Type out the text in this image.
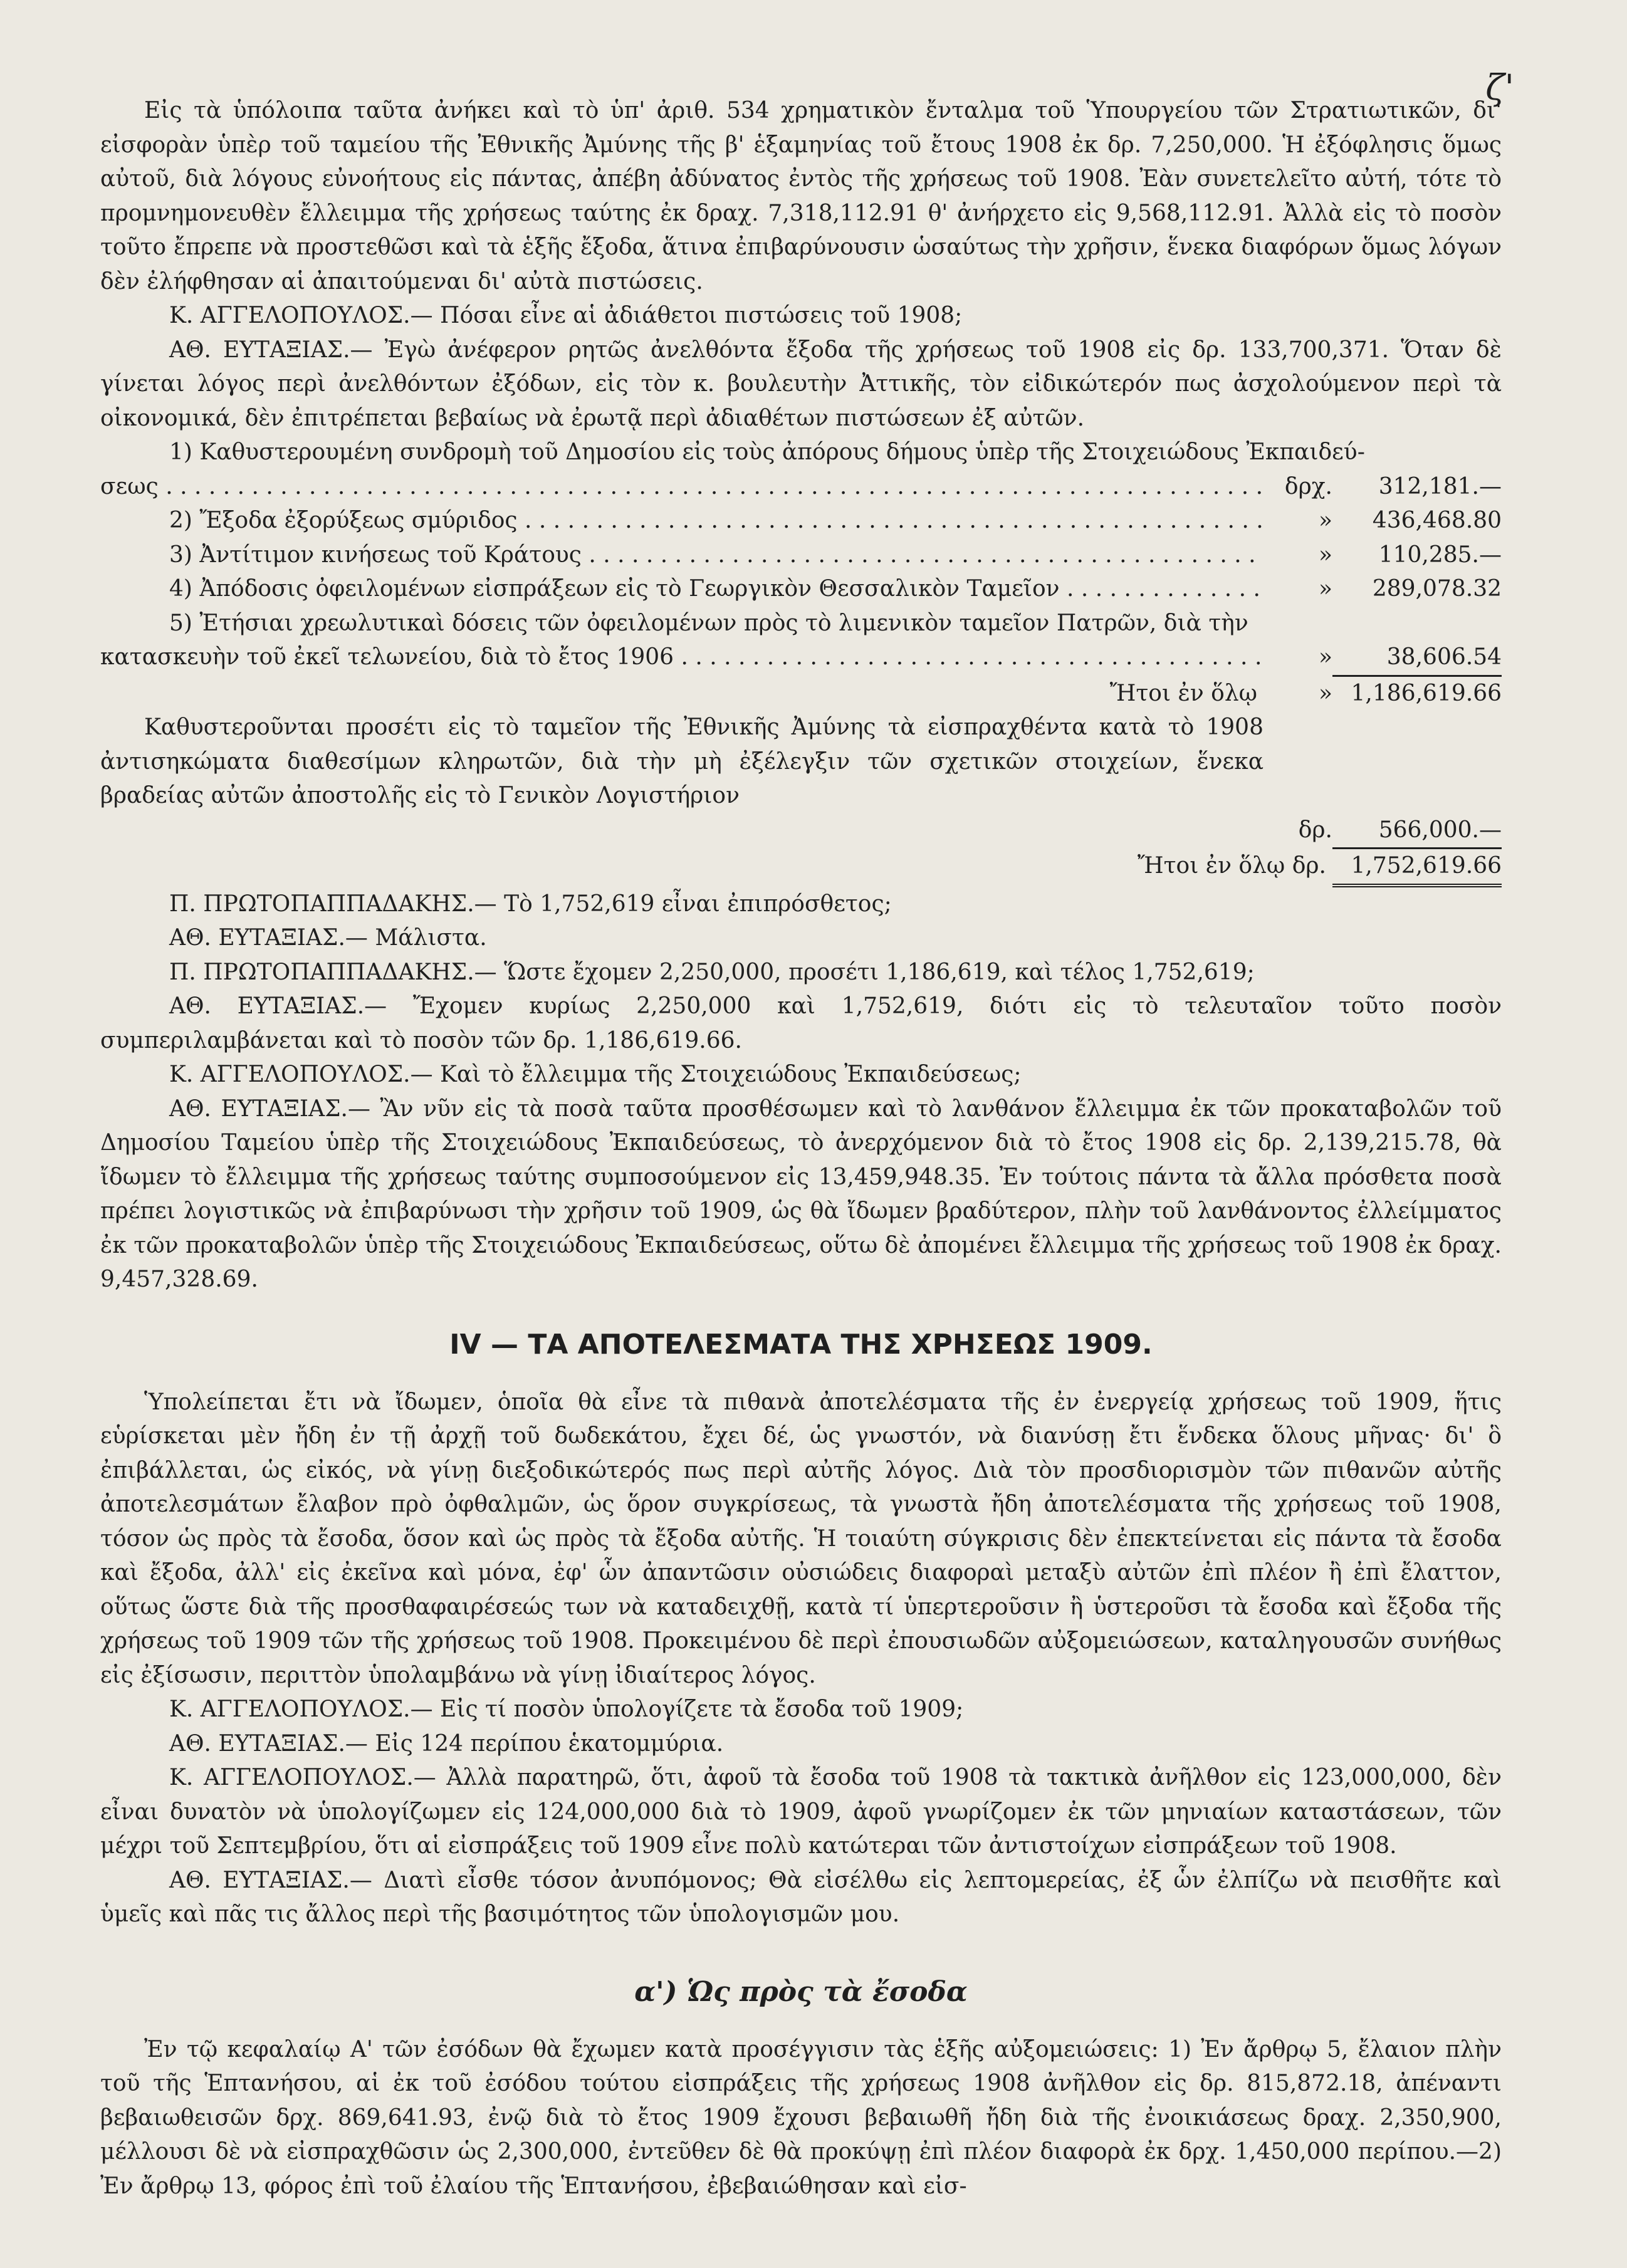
ζ'

Εἰς τὰ ὑπόλοιπα ταῦτα ἀνήκει καὶ τὸ ὑπ' ἀριθ. 534 χρηματικὸν ἔνταλμα τοῦ Ὑπουργείου τῶν Στρατιωτικῶν, δι' εἰσφορὰν ὑπὲρ τοῦ ταμείου τῆς Ἐθνικῆς Ἀμύνης τῆς β' ἑξαμηνίας τοῦ ἔτους 1908 ἐκ δρ. 7,250,000. Ἡ ἐξόφλησις ὅμως αὐτοῦ, διὰ λόγους εὐνοήτους εἰς πάντας, ἀπέβη ἀδύνατος ἐντὸς τῆς χρήσεως τοῦ 1908. Ἐὰν συνετελεῖτο αὐτή, τότε τὸ προμνημονευθὲν ἔλλειμμα τῆς χρήσεως ταύτης ἐκ δραχ. 7,318,112.91 θ' ἀνήρχετο εἰς 9,568,112.91. Ἀλλὰ εἰς τὸ ποσὸν τοῦτο ἔπρεπε νὰ προστεθῶσι καὶ τὰ ἑξῆς ἔξοδα, ἅτινα ἐπιβαρύνουσιν ὡσαύτως τὴν χρῆσιν, ἕνεκα διαφόρων ὅμως λόγων δὲν ἐλήφθησαν αἱ ἀπαιτούμεναι δι' αὐτὰ πιστώσεις.

Κ. ΑΓΓΕΛΟΠΟΥΛΟΣ.— Πόσαι εἶνε αἱ ἀδιάθετοι πιστώσεις τοῦ 1908;

ΑΘ. ΕΥΤΑΞΙΑΣ.— Ἐγὼ ἀνέφερον ρητῶς ἀνελθόντα ἔξοδα τῆς χρήσεως τοῦ 1908 εἰς δρ. 133,700,371. Ὅταν δὲ γίνεται λόγος περὶ ἀνελθόντων ἐξόδων, εἰς τὸν κ. βουλευτὴν Ἀττικῆς, τὸν εἰδικώτερόν πως ἀσχολούμενον περὶ τὰ οἰκονομικά, δὲν ἐπιτρέπεται βεβαίως νὰ ἐρωτᾷ περὶ ἀδιαθέτων πιστώσεων ἐξ αὐτῶν.

1) Καθυστερουμένη συνδρομὴ τοῦ Δημοσίου εἰς τοὺς ἀπόρους δήμους ὑπὲρ τῆς Στοιχειώδους Ἐκπαιδεύ-

σεως . . .	δρχ.	312,181.—
2) Ἔξοδα ἐξορύξεως σμύριδος . . .	»	436,468.80
3) Ἀντίτιμον κινήσεως τοῦ Κράτους . . .	»	110,285.—
4) Ἀπόδοσις ὀφειλομένων εἰσπράξεων εἰς τὸ Γεωργικὸν Θεσσαλικὸν Ταμεῖον . . .	»	289,078.32

5) Ἐτήσιαι χρεωλυτικαὶ δόσεις τῶν ὀφειλομένων πρὸς τὸ λιμενικὸν ταμεῖον Πατρῶν, διὰ τὴν

κατασκευὴν τοῦ ἐκεῖ τελωνείου, διὰ τὸ ἔτος 1906 . . .	»	38,606.54
Ἤτοι ἐν ὅλῳ	» 1,186,619.66

Καθυστεροῦνται προσέτι εἰς τὸ ταμεῖον τῆς Ἐθνικῆς Ἀμύνης τὰ εἰσπραχθέντα κατὰ τὸ 1908 ἀντισηκώματα διαθεσίμων κληρωτῶν, διὰ τὴν μὴ ἐξέλεγξιν τῶν σχετικῶν στοιχείων, ἕνεκα βραδείας αὐτῶν ἀποστολῆς εἰς τὸ Γενικὸν Λογιστήριον

δρ.	566,000.—
Ἤτοι ἐν ὅλῳ δρ.	1,752,619.66

Π. ΠΡΩΤΟΠΑΠΠΑΔΑΚΗΣ.— Τὸ 1,752,619 εἶναι ἐπιπρόσθετος;

ΑΘ. ΕΥΤΑΞΙΑΣ.— Μάλιστα.

Π. ΠΡΩΤΟΠΑΠΠΑΔΑΚΗΣ.— Ὥστε ἔχομεν 2,250,000, προσέτι 1,186,619, καὶ τέλος 1,752,619;

ΑΘ. ΕΥΤΑΞΙΑΣ.— Ἔχομεν κυρίως 2,250,000 καὶ 1,752,619, διότι εἰς τὸ τελευταῖον τοῦτο ποσὸν συμπεριλαμβάνεται καὶ τὸ ποσὸν τῶν δρ. 1,186,619.66.

Κ. ΑΓΓΕΛΟΠΟΥΛΟΣ.— Καὶ τὸ ἔλλειμμα τῆς Στοιχειώδους Ἐκπαιδεύσεως;

ΑΘ. ΕΥΤΑΞΙΑΣ.— Ἂν νῦν εἰς τὰ ποσὰ ταῦτα προσθέσωμεν καὶ τὸ λανθάνον ἔλλειμμα ἐκ τῶν προκαταβολῶν τοῦ Δημοσίου Ταμείου ὑπὲρ τῆς Στοιχειώδους Ἐκπαιδεύσεως, τὸ ἀνερχόμενον διὰ τὸ ἔτος 1908 εἰς δρ. 2,139,215.78, θὰ ἴδωμεν τὸ ἔλλειμμα τῆς χρήσεως ταύτης συμποσούμενον εἰς 13,459,948.35. Ἐν τούτοις πάντα τὰ ἄλλα πρόσθετα ποσὰ πρέπει λογιστικῶς νὰ ἐπιβαρύνωσι τὴν χρῆσιν τοῦ 1909, ὡς θὰ ἴδωμεν βραδύτερον, πλὴν τοῦ λανθάνοντος ἐλλείμματος ἐκ τῶν προκαταβολῶν ὑπὲρ τῆς Στοιχειώδους Ἐκπαιδεύσεως, οὕτω δὲ ἀπομένει ἔλλειμμα τῆς χρήσεως τοῦ 1908 ἐκ δραχ. 9,457,328.69.

IV — ΤΑ ΑΠΟΤΕΛΕΣΜΑΤΑ ΤΗΣ ΧΡΗΣΕΩΣ 1909.

Ὑπολείπεται ἔτι νὰ ἴδωμεν, ὁποῖα θὰ εἶνε τὰ πιθανὰ ἀποτελέσματα τῆς ἐν ἐνεργείᾳ χρήσεως τοῦ 1909, ἥτις εὑρίσκεται μὲν ἤδη ἐν τῇ ἀρχῇ τοῦ δωδεκάτου, ἔχει δέ, ὡς γνωστόν, νὰ διανύσῃ ἔτι ἕνδεκα ὅλους μῆνας· δι' ὃ ἐπιβάλλεται, ὡς εἰκός, νὰ γίνῃ διεξοδικώτερός πως περὶ αὐτῆς λόγος. Διὰ τὸν προσδιορισμὸν τῶν πιθανῶν αὐτῆς ἀποτελεσμάτων ἔλαβον πρὸ ὀφθαλμῶν, ὡς ὅρον συγκρίσεως, τὰ γνωστὰ ἤδη ἀποτελέσματα τῆς χρήσεως τοῦ 1908, τόσον ὡς πρὸς τὰ ἔσοδα, ὅσον καὶ ὡς πρὸς τὰ ἔξοδα αὐτῆς. Ἡ τοιαύτη σύγκρισις δὲν ἐπεκτείνεται εἰς πάντα τὰ ἔσοδα καὶ ἔξοδα, ἀλλ' εἰς ἐκεῖνα καὶ μόνα, ἐφ' ὧν ἀπαντῶσιν οὐσιώδεις διαφοραὶ μεταξὺ αὐτῶν ἐπὶ πλέον ἢ ἐπὶ ἔλαττον, οὕτως ὥστε διὰ τῆς προσθαφαιρέσεώς των νὰ καταδειχθῇ, κατὰ τί ὑπερτεροῦσιν ἢ ὑστεροῦσι τὰ ἔσοδα καὶ ἔξοδα τῆς χρήσεως τοῦ 1909 τῶν τῆς χρήσεως τοῦ 1908. Προκειμένου δὲ περὶ ἐπουσιωδῶν αὐξομειώσεων, καταληγουσῶν συνήθως εἰς ἐξίσωσιν, περιττὸν ὑπολαμβάνω νὰ γίνῃ ἰδιαίτερος λόγος.

Κ. ΑΓΓΕΛΟΠΟΥΛΟΣ.— Εἰς τί ποσὸν ὑπολογίζετε τὰ ἔσοδα τοῦ 1909;

ΑΘ. ΕΥΤΑΞΙΑΣ.— Εἰς 124 περίπου ἑκατομμύρια.

Κ. ΑΓΓΕΛΟΠΟΥΛΟΣ.— Ἀλλὰ παρατηρῶ, ὅτι, ἀφοῦ τὰ ἔσοδα τοῦ 1908 τὰ τακτικὰ ἀνῆλθον εἰς 123,000,000, δὲν εἶναι δυνατὸν νὰ ὑπολογίζωμεν εἰς 124,000,000 διὰ τὸ 1909, ἀφοῦ γνωρίζομεν ἐκ τῶν μηνιαίων καταστάσεων, τῶν μέχρι τοῦ Σεπτεμβρίου, ὅτι αἱ εἰσπράξεις τοῦ 1909 εἶνε πολὺ κατώτεραι τῶν ἀντιστοίχων εἰσπράξεων τοῦ 1908.

ΑΘ. ΕΥΤΑΞΙΑΣ.— Διατὶ εἶσθε τόσον ἀνυπόμονος; Θὰ εἰσέλθω εἰς λεπτομερείας, ἐξ ὧν ἐλπίζω νὰ πεισθῆτε καὶ ὑμεῖς καὶ πᾶς τις ἄλλος περὶ τῆς βασιμότητος τῶν ὑπολογισμῶν μου.

α') Ὡς πρὸς τὰ ἔσοδα

Ἐν τῷ κεφαλαίῳ Α' τῶν ἐσόδων θὰ ἔχωμεν κατὰ προσέγγισιν τὰς ἑξῆς αὐξομειώσεις: 1) Ἐν ἄρθρῳ 5, ἔλαιον πλὴν τοῦ τῆς Ἑπτανήσου, αἱ ἐκ τοῦ ἐσόδου τούτου εἰσπράξεις τῆς χρήσεως 1908 ἀνῆλθον εἰς δρ. 815,872.18, ἀπέναντι βεβαιωθεισῶν δρχ. 869,641.93, ἐνῷ διὰ τὸ ἔτος 1909 ἔχουσι βεβαιωθῆ ἤδη διὰ τῆς ἐνοικιάσεως δραχ. 2,350,900, μέλλουσι δὲ νὰ εἰσπραχθῶσιν ὡς 2,300,000, ἐντεῦθεν δὲ θὰ προκύψῃ ἐπὶ πλέον διαφορὰ ἐκ δρχ. 1,450,000 περίπου.—2) Ἐν ἄρθρῳ 13, φόρος ἐπὶ τοῦ ἐλαίου τῆς Ἑπτανήσου, ἐβεβαιώθησαν καὶ εἰσ-
